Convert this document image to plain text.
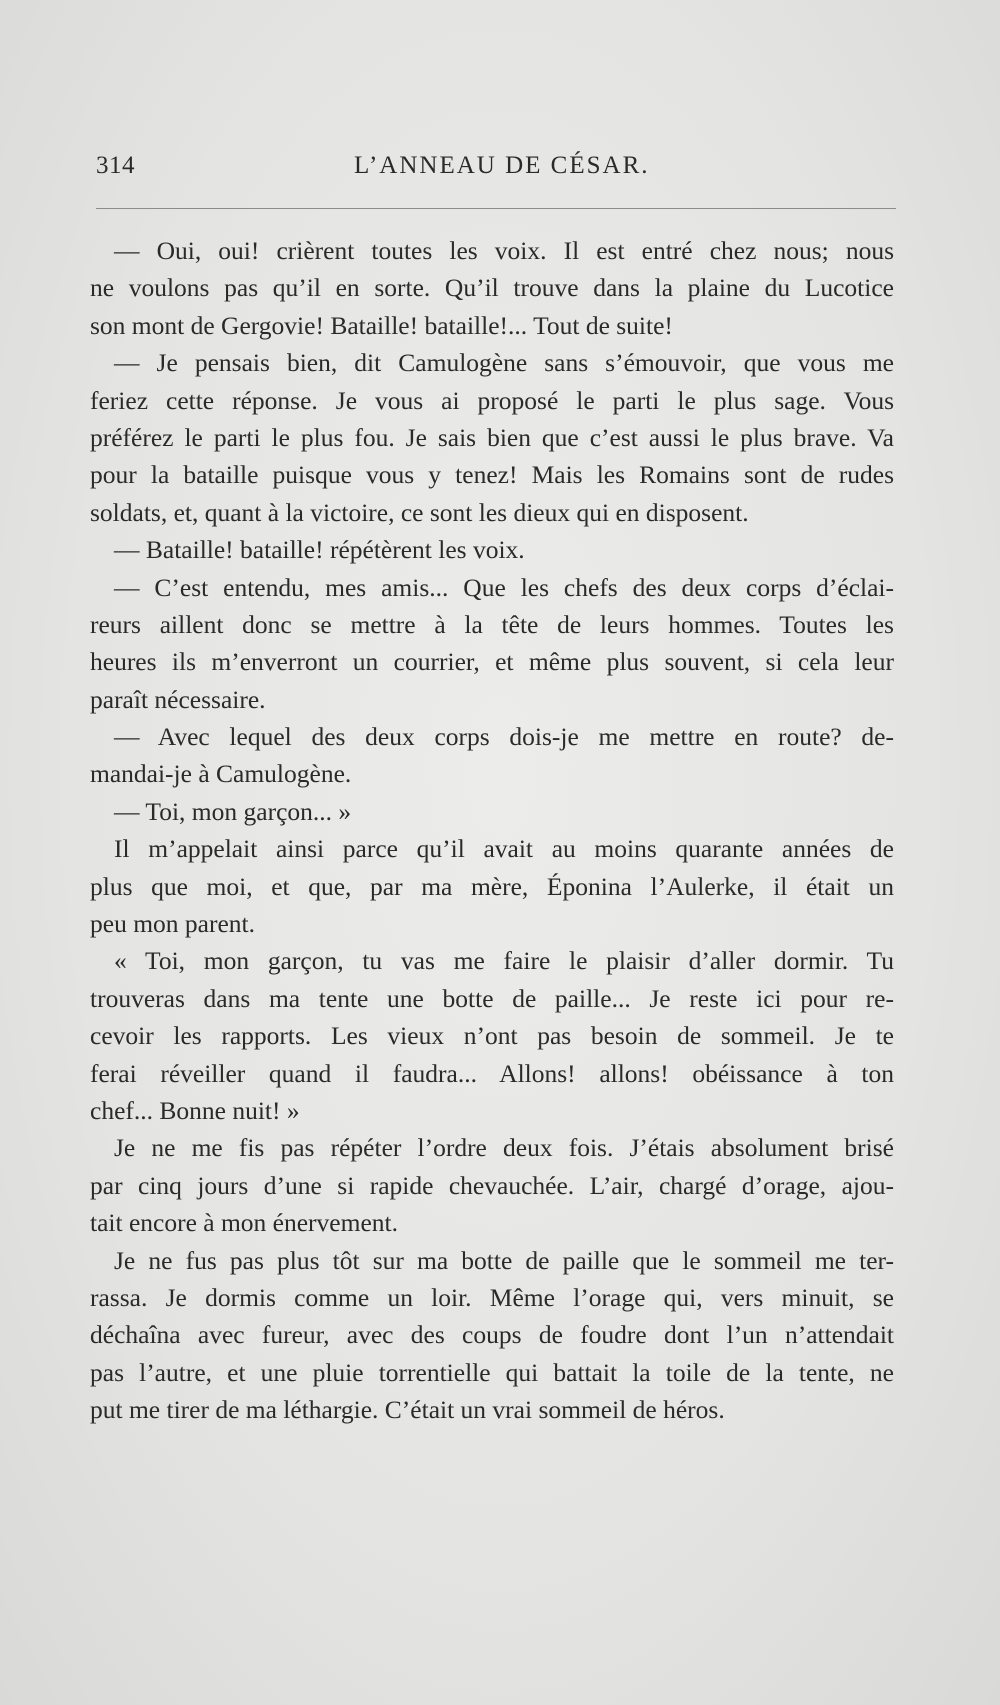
314	L’ANNEAU DE CÉSAR.
— Oui, oui! crièrent toutes les voix. Il est entré chez nous; nous
ne voulons pas qu’il en sorte. Qu’il trouve dans la plaine du Lucotice
son mont de Gergovie! Bataille! bataille!... Tout de suite!
— Je pensais bien, dit Camulogène sans s’émouvoir, que vous me
feriez cette réponse. Je vous ai proposé le parti le plus sage. Vous
préférez le parti le plus fou. Je sais bien que c’est aussi le plus brave. Va
pour la bataille puisque vous y tenez! Mais les Romains sont de rudes
soldats, et, quant à la victoire, ce sont les dieux qui en disposent.
— Bataille! bataille! répétèrent les voix.
— C’est entendu, mes amis... Que les chefs des deux corps d’éclai-
reurs aillent donc se mettre à la tête de leurs hommes. Toutes les
heures ils m’enverront un courrier, et même plus souvent, si cela leur
paraît nécessaire.
— Avec lequel des deux corps dois-je me mettre en route? de-
mandai-je à Camulogène.
— Toi, mon garçon... »
Il m’appelait ainsi parce qu’il avait au moins quarante années de
plus que moi, et que, par ma mère, Éponina l’Aulerke, il était un
peu mon parent.
« Toi, mon garçon, tu vas me faire le plaisir d’aller dormir. Tu
trouveras dans ma tente une botte de paille... Je reste ici pour re-
cevoir les rapports. Les vieux n’ont pas besoin de sommeil. Je te
ferai réveiller quand il faudra... Allons! allons! obéissance à ton
chef... Bonne nuit! »
Je ne me fis pas répéter l’ordre deux fois. J’étais absolument brisé
par cinq jours d’une si rapide chevauchée. L’air, chargé d’orage, ajou-
tait encore à mon énervement.
Je ne fus pas plus tôt sur ma botte de paille que le sommeil me ter-
rassa. Je dormis comme un loir. Même l’orage qui, vers minuit, se
déchaîna avec fureur, avec des coups de foudre dont l’un n’attendait
pas l’autre, et une pluie torrentielle qui battait la toile de la tente, ne
put me tirer de ma léthargie. C’était un vrai sommeil de héros.
